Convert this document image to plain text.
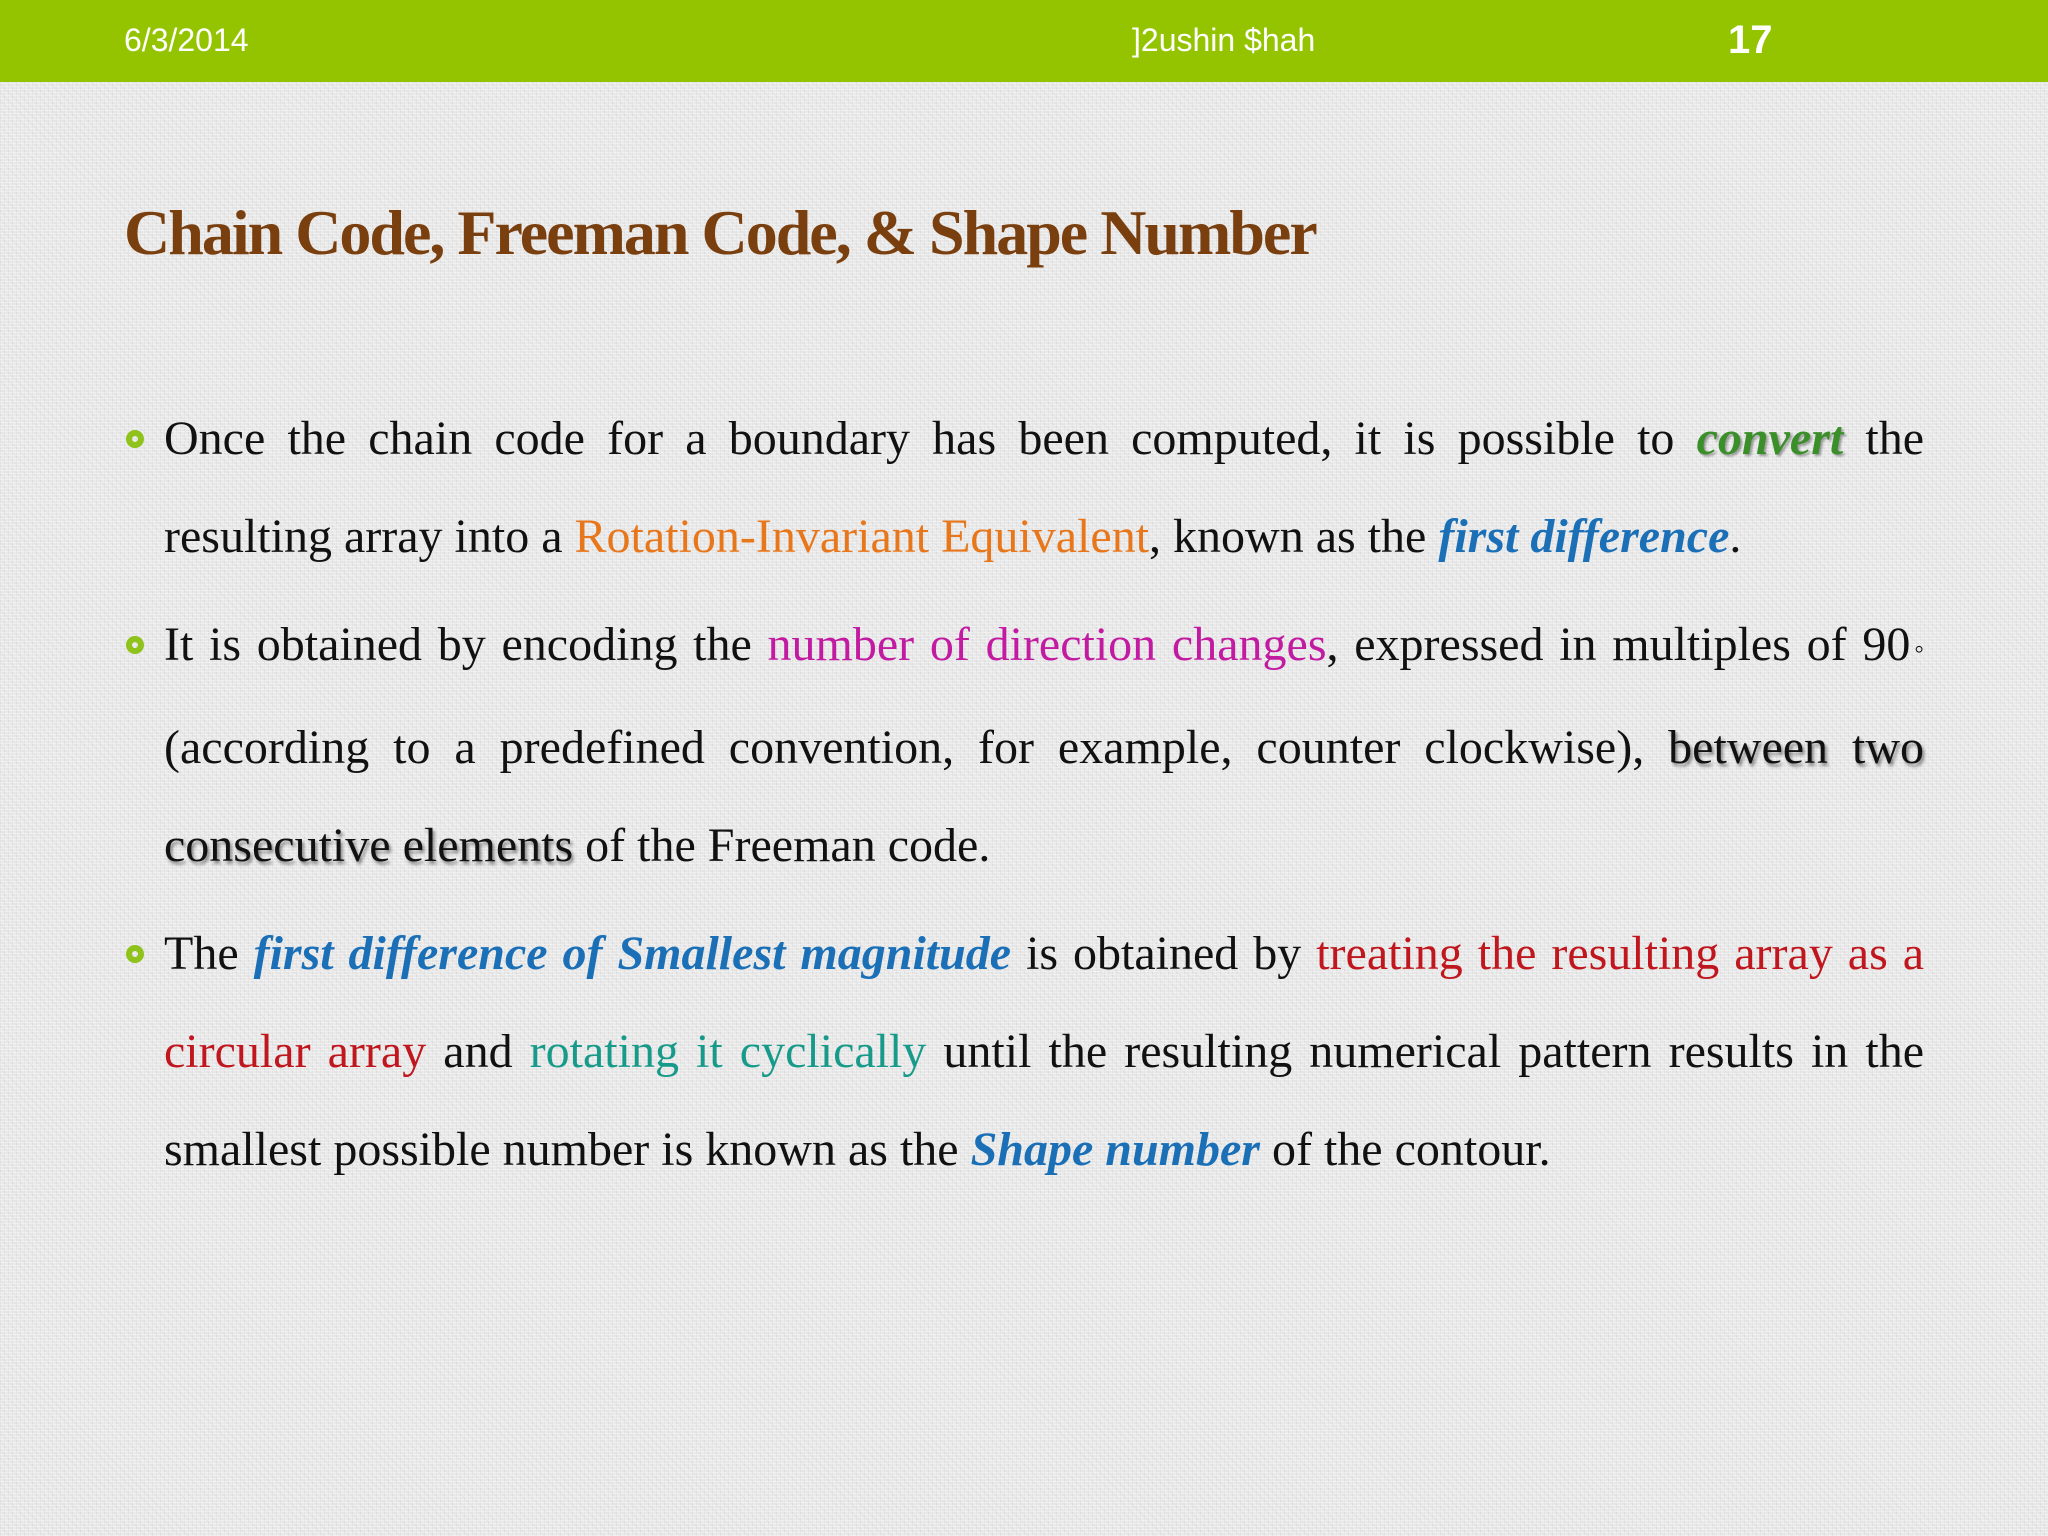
6/3/2014	]2ushin $hah	17
Chain Code, Freeman Code, & Shape Number
Once the chain code for a boundary has been computed, it is possible to convert the resulting array into a Rotation-Invariant Equivalent, known as the first difference.
It is obtained by encoding the number of direction changes, expressed in multiples of 90◦ (according to a predefined convention, for example, counter clockwise), between two consecutive elements of the Freeman code.
The first difference of Smallest magnitude is obtained by treating the resulting array as a circular array and rotating it cyclically until the resulting numerical pattern results in the smallest possible number is known as the Shape number of the contour.
